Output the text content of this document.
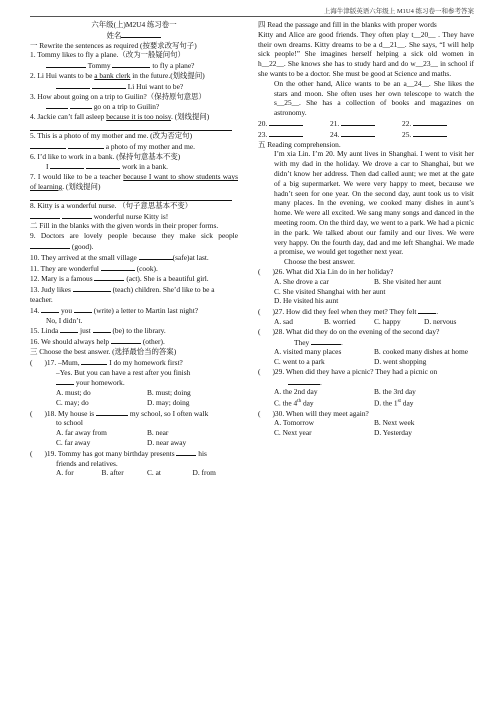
上海牛津版英语六年级上 M1U4 练习卷一和参考答案

六年级(上)M2U4 练习卷一

姓名

一 Rewrite the sentences as required (按要求改写句子)

1. Tommy likes to fly a plane.（改为一般疑问句）

Tommy	to fly a plane?

2. Li Hui wants to be a bank clerk in the future.(划线提问)

Li Hui want to be?

3. How about going on a trip to Guilin?（保持原句意思）

go on a trip to Guilin?

4. Jackie can’t fall asleep because it is too noisy. (划线提问)

5. This is a photo of my mother and me. (改为否定句)

a photo of my mother and me.

6. I’d like to work in a bank. (保持句意基本不变)

I	work in a bank.

7. I would like to be a teacher because I want to show students ways of learning. (划线提问)

8. Kitty is a wonderful nurse. （句子意思基本不变）

wonderful nurse Kitty is!

二 Fill in the blanks with the given words in their proper forms.

9. Doctors are lovely people because they make sick people  (good).

10. They arrived at the small village	(safe)at last.

11. They are wonderful	(cook).

12. Mary is a famous	(act). She is a beautiful girl.

13. Judy likes	(teach) children. She’d like to be a teacher.

14.	you	(write) a letter to Martin last night?

No, I didn’t.

15. Linda	just	(be) to the library.

16. We should always help	(other).

三 Choose the best answer. (选择最恰当的答案)

( )17. –Mum,	I do my homework first?

–Yes. But you can have a rest after you finish

your homework.

A. must; do	B. must; doing

C. may; do	D. may; doing

( )18. My house is	my school, so I often walk

to school

A. far away from	B. near

C. far away	D. near away

( )19. Tommy has got many birthday presents	his

friends and relatives.

A. for	B. after	C. at	D. from

四 Read the passage and fill in the blanks with proper words

Kitty and Alice are good friends. They often play t__20__ . They have their own dreams. Kitty dreams to be a d__21__. She says, “I will help sick people!” She imagines herself helping a sick old women in h__22__. She knows she has to study hard and do w__23__ in school if she wants to be a doctor. She must be good at Science and maths.

On the other hand, Alice wants to be an a__24__. She likes the stars and moon. She often uses her own telescope to watch the s__25__. She has a collection of books and magazines on astronomy.

20.	21.	22.

23.	24.	25.

五 Reading comprehension.

I’m xia Lin. I’m 20. My aunt lives in Shanghai. I went to visit her with my dad in the holiday. We drove a car to Shanghai, but we didn’t know her address. Then dad called aunt; we met at the gate of a big supermarket. We were very happy to meet, because we hadn’t seen for one year. On the second day, aunt took us to visit many places. In the evening, we cooked many dishes in aunt’s home. We were all excited. We sang many songs and danced in the meeting room. On the third day, we went to a park. We had a picnic in the park. We talked about our family and our lives. We were very happy. On the fourth day, dad and me left Shanghai. We made a promise, we would get together next year.

Choose the best answer.

( )26. What did Xia Lin do in her holiday?

A. She drove a car	B. She visited her aunt

C. She visited Shanghai with her aunt

D. He visited his aunt

( )27. How did they feel when they met? They felt	.

A. sad	B. worried	C. happy	D. nervous

( )28. What did they do on the evening of the second day?

They	.

A. visited many places	B. cooked many dishes at home

C. went to a park	D. went shopping

( )29. When did they have a picnic? They had a picnic on

.

A. the 2nd day	B. the 3rd day

C. the 4th day	D. the 1st day

( )30. When will they meet again?

A. Tomorrow	B. Next week

C. Next year	D. Yesterday
